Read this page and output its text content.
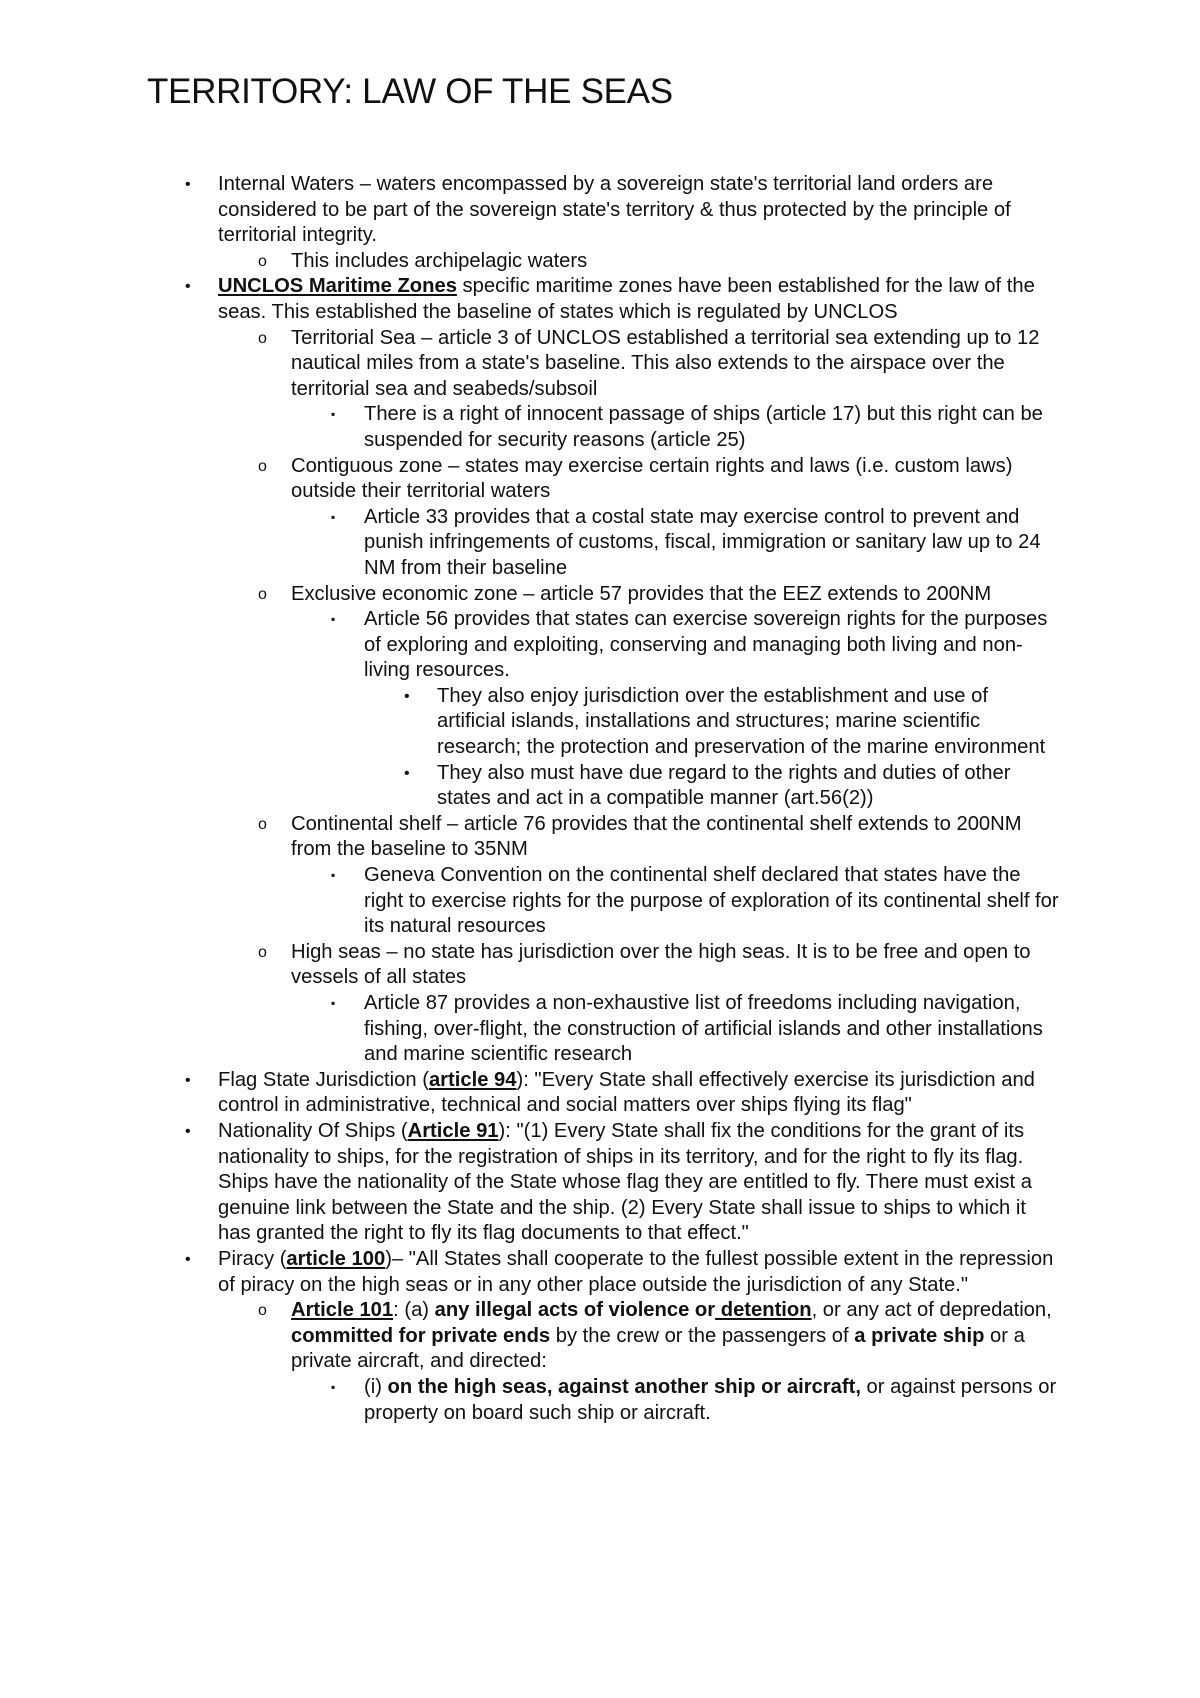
TERRITORY: LAW OF THE SEAS
• Internal Waters – waters encompassed by a sovereign state's territorial land orders are considered to be part of the sovereign state's territory & thus protected by the principle of territorial integrity.
o This includes archipelagic waters
• UNCLOS Maritime Zones specific maritime zones have been established for the law of the seas. This established the baseline of states which is regulated by UNCLOS
o Territorial Sea – article 3 of UNCLOS established a territorial sea extending up to 12 nautical miles from a state's baseline. This also extends to the airspace over the territorial sea and seabeds/subsoil
▪ There is a right of innocent passage of ships (article 17) but this right can be suspended for security reasons (article 25)
o Contiguous zone – states may exercise certain rights and laws (i.e. custom laws) outside their territorial waters
▪ Article 33 provides that a costal state may exercise control to prevent and punish infringements of customs, fiscal, immigration or sanitary law up to 24 NM from their baseline
o Exclusive economic zone – article 57 provides that the EEZ extends to 200NM
▪ Article 56 provides that states can exercise sovereign rights for the purposes of exploring and exploiting, conserving and managing both living and non-living resources.
• They also enjoy jurisdiction over the establishment and use of artificial islands, installations and structures; marine scientific research; the protection and preservation of the marine environment
• They also must have due regard to the rights and duties of other states and act in a compatible manner (art.56(2))
o Continental shelf – article 76 provides that the continental shelf extends to 200NM from the baseline to 35NM
▪ Geneva Convention on the continental shelf declared that states have the right to exercise rights for the purpose of exploration of its continental shelf for its natural resources
o High seas – no state has jurisdiction over the high seas. It is to be free and open to vessels of all states
▪ Article 87 provides a non-exhaustive list of freedoms including navigation, fishing, over-flight, the construction of artificial islands and other installations and marine scientific research
• Flag State Jurisdiction (article 94): "Every State shall effectively exercise its jurisdiction and control in administrative, technical and social matters over ships flying its flag"
• Nationality Of Ships (Article 91): "(1) Every State shall fix the conditions for the grant of its nationality to ships, for the registration of ships in its territory, and for the right to fly its flag. Ships have the nationality of the State whose flag they are entitled to fly. There must exist a genuine link between the State and the ship. (2) Every State shall issue to ships to which it has granted the right to fly its flag documents to that effect."
• Piracy (article 100)– "All States shall cooperate to the fullest possible extent in the repression of piracy on the high seas or in any other place outside the jurisdiction of any State."
o Article 101: (a) any illegal acts of violence or detention, or any act of depredation, committed for private ends by the crew or the passengers of a private ship or a private aircraft, and directed:
▪ (i) on the high seas, against another ship or aircraft, or against persons or property on board such ship or aircraft.
